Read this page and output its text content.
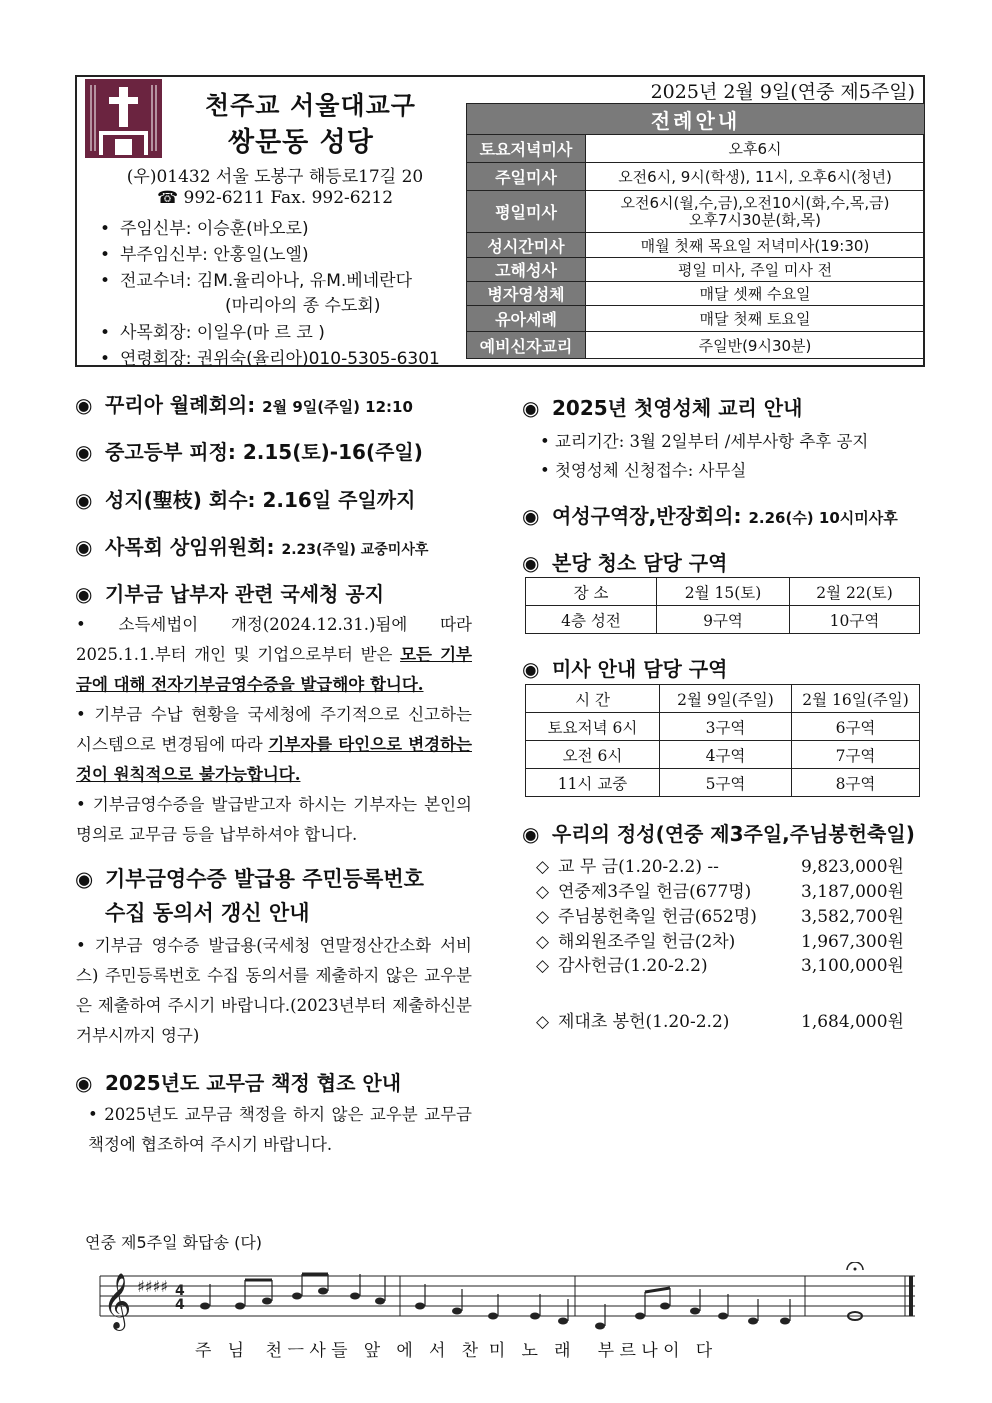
천주교 서울대교구
쌍문동 성당
(우)01432 서울 도봉구 해등로17길 20
☎ 992-6211 Fax. 992-6212
• 주임신부: 이승훈(바오로)
• 부주임신부: 안홍일(노엘)
• 전교수녀: 김M.율리아나, 유M.베네란다
(마리아의 종 수도회)
• 사목회장: 이일우(마 르 코 )
• 연령회장: 권위숙(율리아)010-5305-6301
2025년 2월 9일(연중 제5주일)
전례안내	
토요저녁미사	오후6시
주일미사	오전6시, 9시(학생), 11시, 오후6시(청년)
평일미사	오전6시(월,수,금),오전10시(화,수,목,금)
오후7시30분(화,목)

성시간미사	매월 첫째 목요일 저녁미사(19:30)
고해성사	평일 미사, 주일 미사 전
병자영성체	매달 셋째 수요일
유아세례	매달 첫째 토요일
예비신자교리	주일반(9시30분)
◉ 꾸리아 월례회의: 2월 9일(주일) 12:10
◉ 중고등부 피정: 2.15(토)-16(주일)
◉ 성지(聖枝) 회수: 2.16일 주일까지
◉ 사목회 상임위원회: 2.23(주일) 교중미사후
◉ 기부금 납부자 관련 국세청 공지
• 소득세법이 개정(2024.12.31.)됨에 따라 2025.1.1.부터 개인 및 기업으로부터 받은 모든 기부금에 대해 전자기부금영수증을 발급해야 합니다.
• 기부금 수납 현황을 국세청에 주기적으로 신고하는 시스템으로 변경됨에 따라 기부자를 타인으로 변경하는 것이 원칙적으로 불가능합니다.
• 기부금영수증을 발급받고자 하시는 기부자는 본인의 명의로 교무금 등을 납부하셔야 합니다.
◉ 기부금영수증 발급용 주민등록번호
수집 동의서 갱신 안내
• 기부금 영수증 발급용(국세청 연말정산간소화 서비스) 주민등록번호 수집 동의서를 제출하지 않은 교우분은 제출하여 주시기 바랍니다.(2023년부터 제출하신분 거부시까지 영구)
◉ 2025년도 교무금 책정 협조 안내
• 2025년도 교무금 책정을 하지 않은 교우분 교무금 책정에 협조하여 주시기 바랍니다.
◉ 2025년 첫영성체 교리 안내
• 교리기간: 3월 2일부터 /세부사항 추후 공지
• 첫영성체 신청접수: 사무실
◉ 여성구역장,반장회의: 2.26(수) 10시미사후
◉ 본당 청소 담당 구역
장 소	2월 15(토)	2월 22(토)
4층 성전	9구역	10구역
◉ 미사 안내 담당 구역
시 간	2월 9일(주일)	2월 16일(주일)
토요저녁 6시	3구역	6구역
오전 6시	4구역	7구역
11시 교중	5구역	8구역
◉ 우리의 정성(연중 제3주일,주님봉헌축일)
◇ 교 무 금(1.20-2.2) --	9,823,000원
◇ 연중제3주일 헌금(677명)	3,187,000원
◇ 주님봉헌축일 헌금(652명)	3,582,700원
◇ 해외원조주일 헌금(2차)	1,967,300원
◇ 감사헌금(1.20-2.2)	3,100,000원
◇ 제대초 봉헌(1.20-2.2)	1,684,000원
연중 제5주일 화답송 (다)
𝄞 ♯♯♯♯ 4
4
주   님    천 ㅡ 사 들   앞   에   서   찬  미   노   래     부 르 나 이   다
